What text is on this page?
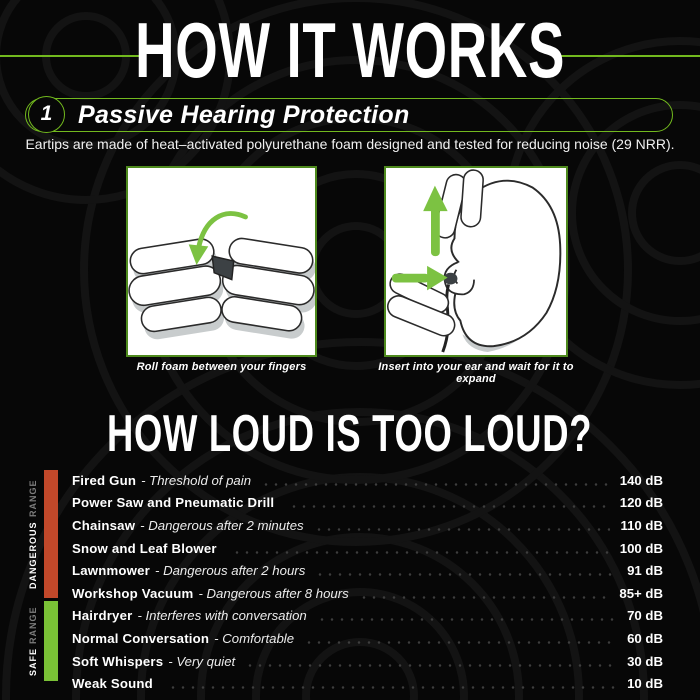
HOW IT WORKS
1	Passive Hearing Protection
Eartips are made of heat–activated polyurethane foam designed and tested for reducing noise (29 NRR).
Roll foam between your fingers	Insert into your ear and wait for it to expand
HOW LOUD IS TOO LOUD?
DANGEROUS
RANGE
SAFE
RANGE
Fired Gun - Threshold of pain	140 dB
Power Saw and Pneumatic Drill	120 dB
Chainsaw - Dangerous after 2 minutes	110 dB
Snow and Leaf Blower	100 dB
Lawnmower - Dangerous after 2 hours	91 dB
Workshop Vacuum - Dangerous after 8 hours	85+ dB
Hairdryer - Interferes with conversation	70 dB
Normal Conversation - Comfortable	60 dB
Soft Whispers - Very quiet	30 dB
Weak Sound	10 dB
